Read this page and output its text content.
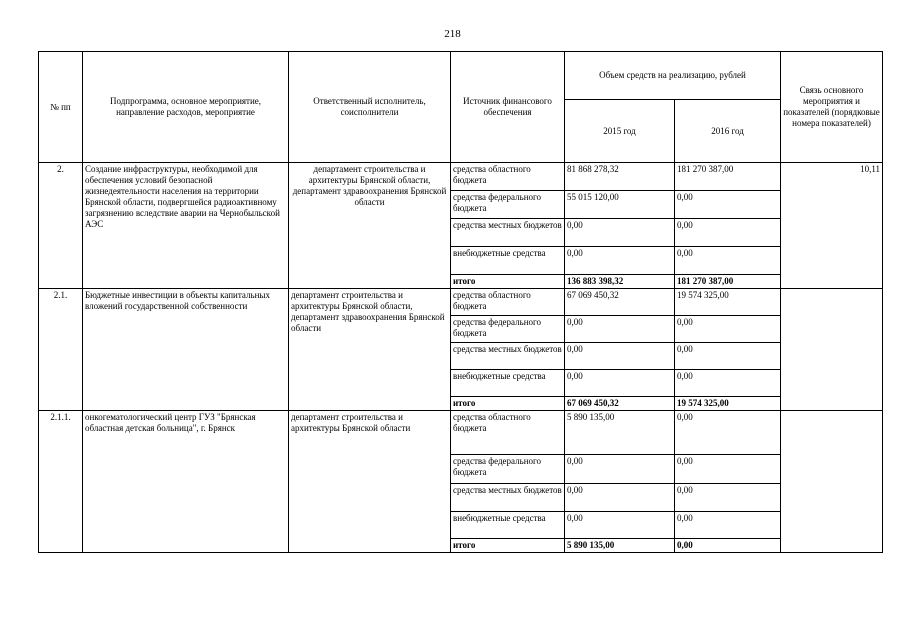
218
№ пп	Подпрограмма, основное мероприятие, направление расходов, мероприятие	Ответственный исполнитель, соисполнители	Источник финансового обеспечения	Объем средств на реализацию, рублей		Связь основного мероприятия и показателей (порядковые номера показателей)
				2015 год	2016 год	
2.	Создание инфраструктуры, необходимой для обеспечения условий безопасной жизнедеятельности населения на территории Брянской области, подвергшейся радиоактивному загрязнению вследствие аварии на Чернобыльской АЭС	департамент строительства и архитектуры Брянской области, департамент здравоохранения Брянской области	средства областного бюджета	81 868 278,32	181 270 387,00	10,11
			средства федерального бюджета	55 015 120,00	0,00	
			средства местных бюджетов	0,00	0,00	
			внебюджетные средства	0,00	0,00	
			итого	136 883 398,32	181 270 387,00	
2.1.	Бюджетные инвестиции в объекты капитальных вложений государственной собственности	департамент строительства и архитектуры Брянской области, департамент здравоохранения Брянской области	средства областного бюджета	67 069 450,32	19 574 325,00	
			средства федерального бюджета	0,00	0,00	
			средства местных бюджетов	0,00	0,00	
			внебюджетные средства	0,00	0,00	
			итого	67 069 450,32	19 574 325,00	
2.1.1.	онкогематологический центр ГУЗ "Брянская областная детская больница", г. Брянск	департамент строительства и архитектуры Брянской области	средства областного бюджета	5 890 135,00	0,00	
			средства федерального бюджета	0,00	0,00	
			средства местных бюджетов	0,00	0,00	
			внебюджетные средства	0,00	0,00	
			итого	5 890 135,00	0,00	
